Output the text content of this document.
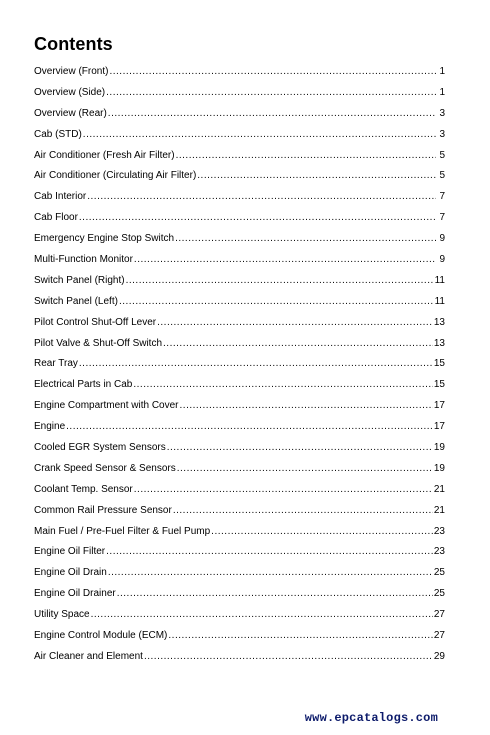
Contents
Overview (Front) .....	1
Overview (Side) .....	1
Overview (Rear) .....	3
Cab (STD) .....	3
Air Conditioner (Fresh Air Filter) .....	5
Air Conditioner (Circulating Air Filter) .....	5
Cab Interior .....	7
Cab Floor .....	7
Emergency Engine Stop Switch .....	9
Multi-Function Monitor .....	9
Switch Panel (Right) .....	11
Switch Panel (Left) .....	11
Pilot Control Shut-Off Lever .....	13
Pilot Valve & Shut-Off Switch .....	13
Rear Tray .....	15
Electrical Parts in Cab .....	15
Engine Compartment with Cover .....	17
Engine .....	17
Cooled EGR System Sensors .....	19
Crank Speed Sensor & Sensors .....	19
Coolant Temp. Sensor .....	21
Common Rail Pressure Sensor .....	21
Main Fuel / Pre-Fuel Filter & Fuel Pump .....	23
Engine Oil Filter .....	23
Engine Oil Drain .....	25
Engine Oil Drainer .....	25
Utility Space .....	27
Engine Control Module (ECM) .....	27
Air Cleaner and Element .....	29
www.epcatalogs.com
